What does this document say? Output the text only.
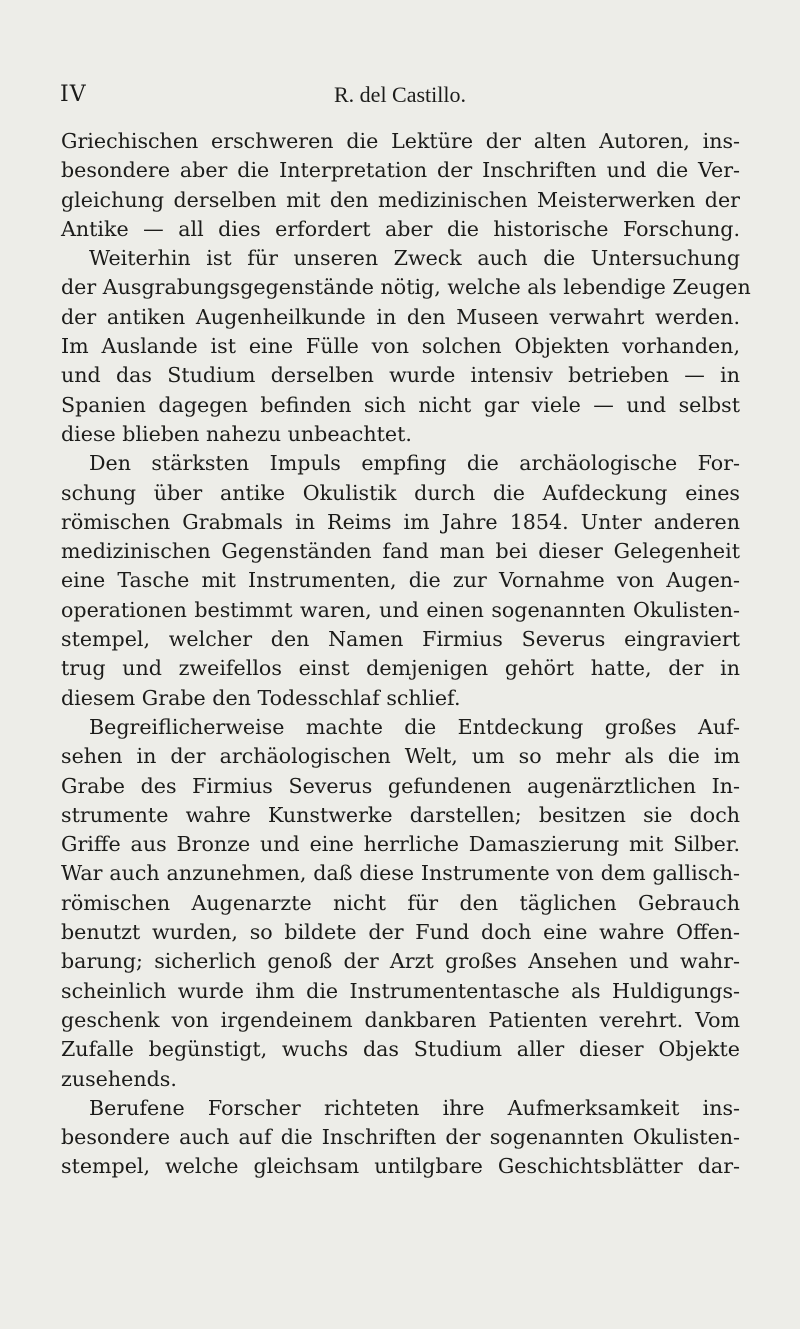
IV	R. del Castillo.
Griechischen erschweren die Lektüre der alten Autoren, ins-
besondere aber die Interpretation der Inschriften und die Ver-
gleichung derselben mit den medizinischen Meisterwerken der
Antike — all dies erfordert aber die historische Forschung.
Weiterhin ist für unseren Zweck auch die Untersuchung
der Ausgrabungsgegenstände nötig, welche als lebendige Zeugen
der antiken Augenheilkunde in den Museen verwahrt werden.
Im Auslande ist eine Fülle von solchen Objekten vorhanden,
und das Studium derselben wurde intensiv betrieben — in
Spanien dagegen befinden sich nicht gar viele — und selbst
diese blieben nahezu unbeachtet.
Den stärksten Impuls empfing die archäologische For-
schung über antike Okulistik durch die Aufdeckung eines
römischen Grabmals in Reims im Jahre 1854. Unter anderen
medizinischen Gegenständen fand man bei dieser Gelegenheit
eine Tasche mit Instrumenten, die zur Vornahme von Augen-
operationen bestimmt waren, und einen sogenannten Okulisten-
stempel, welcher den Namen Firmius Severus eingraviert
trug und zweifellos einst demjenigen gehört hatte, der in
diesem Grabe den Todesschlaf schlief.
Begreiflicherweise machte die Entdeckung großes Auf-
sehen in der archäologischen Welt, um so mehr als die im
Grabe des Firmius Severus gefundenen augenärztlichen In-
strumente wahre Kunstwerke darstellen; besitzen sie doch
Griffe aus Bronze und eine herrliche Damaszierung mit Silber.
War auch anzunehmen, daß diese Instrumente von dem gallisch-
römischen Augenarzte nicht für den täglichen Gebrauch
benutzt wurden, so bildete der Fund doch eine wahre Offen-
barung; sicherlich genoß der Arzt großes Ansehen und wahr-
scheinlich wurde ihm die Instrumententasche als Huldigungs-
geschenk von irgendeinem dankbaren Patienten verehrt. Vom
Zufalle begünstigt, wuchs das Studium aller dieser Objekte
zusehends.
Berufene Forscher richteten ihre Aufmerksamkeit ins-
besondere auch auf die Inschriften der sogenannten Okulisten-
stempel, welche gleichsam untilgbare Geschichtsblätter dar-
